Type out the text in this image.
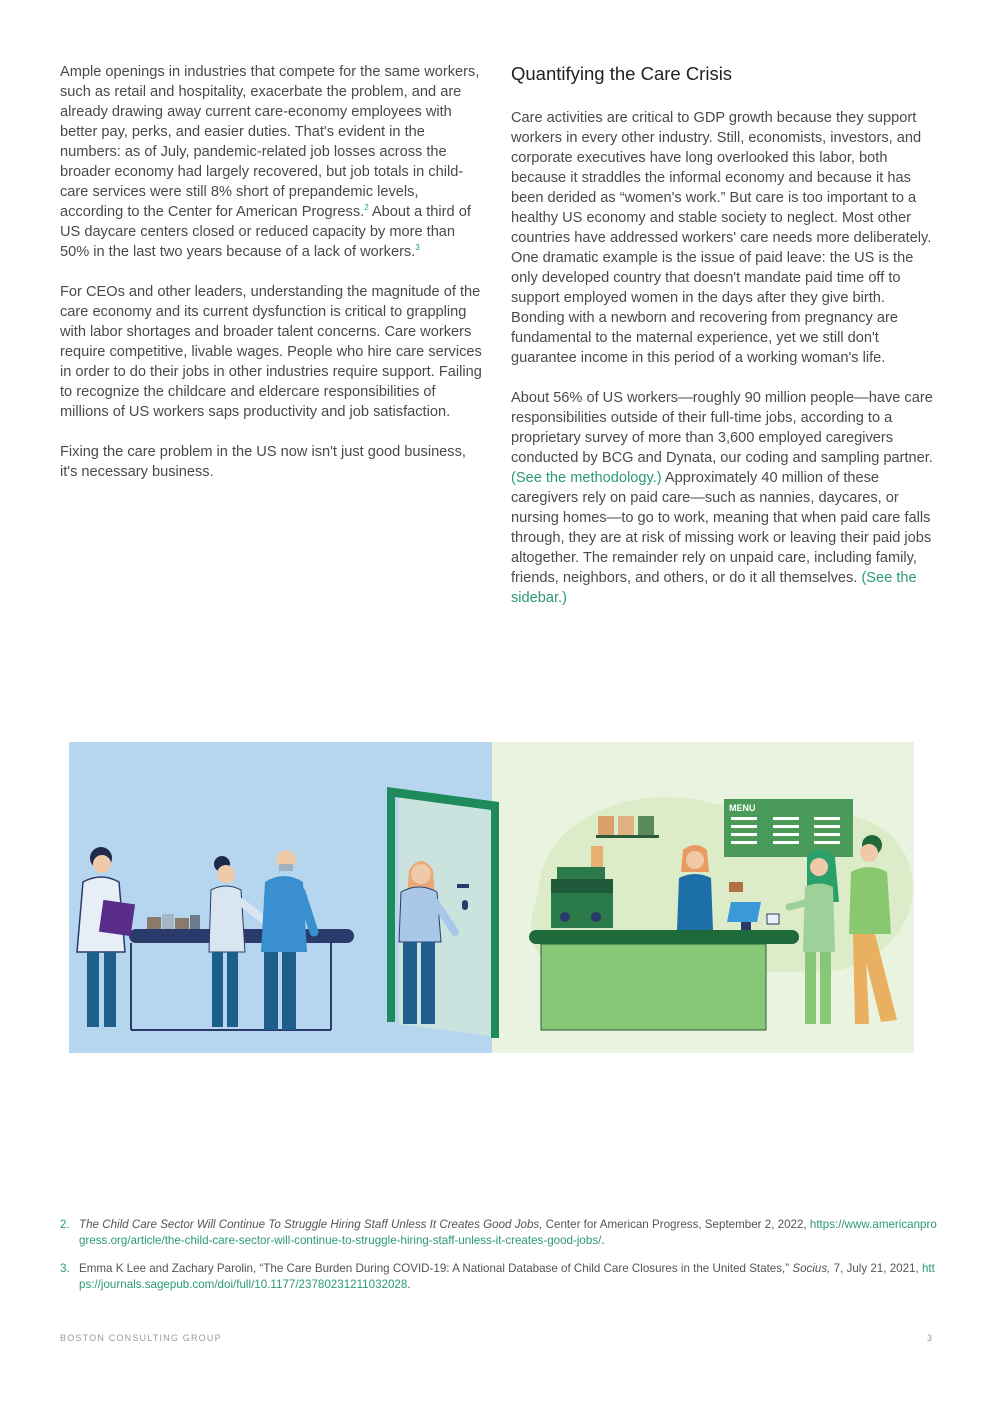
Ample openings in industries that compete for the same workers, such as retail and hospitality, exacerbate the problem, and are already drawing away current care-economy employees with better pay, perks, and easier duties. That's evident in the numbers: as of July, pandemic-related job losses across the broader economy had largely recovered, but job totals in child-care services were still 8% short of prepandemic levels, according to the Center for American Progress.$^2$ About a third of US daycare centers closed or reduced capacity by more than 50% in the last two years because of a lack of workers.$^3$

For CEOs and other leaders, understanding the magnitude of the care economy and its current dysfunction is critical to grappling with labor shortages and broader talent concerns. Care workers require competitive, livable wages. People who hire care services in order to do their jobs in other industries require support. Failing to recognize the childcare and eldercare responsibilities of millions of US workers saps productivity and job satisfaction.

Fixing the care problem in the US now isn't just good business, it's necessary business.

Quantifying the Care Crisis

Care activities are critical to GDP growth because they support workers in every other industry. Still, economists, investors, and corporate executives have long overlooked this labor, both because it straddles the informal economy and because it has been derided as “women's work.” But care is too important to a healthy US economy and stable society to neglect. Most other countries have addressed workers' care needs more deliberately. One dramatic example is the issue of paid leave: the US is the only developed country that doesn't mandate paid time off to support employed women in the days after they give birth. Bonding with a newborn and recovering from pregnancy are fundamental to the maternal experience, yet we still don't guarantee income in this period of a working woman's life.

About 56% of US workers—roughly 90 million people—have care responsibilities outside of their full-time jobs, according to a proprietary survey of more than 3,600 employed caregivers conducted by BCG and Dynata, our coding and sampling partner. (See the methodology.) Approximately 40 million of these caregivers rely on paid care—such as nannies, daycares, or nursing homes—to go to work, meaning that when paid care falls through, they are at risk of missing work or leaving their paid jobs altogether. The remainder rely on unpaid care, including family, friends, neighbors, and others, or do it all themselves. (See the sidebar.)

MENU
2. The Child Care Sector Will Continue To Struggle Hiring Staff Unless It Creates Good Jobs, Center for American Progress, September 2, 2022, https://www.americanprogress.org/article/the-child-care-sector-will-continue-to-struggle-hiring-staff-unless-it-creates-good-jobs/.
3. Emma K Lee and Zachary Parolin, “The Care Burden During COVID-19: A National Database of Child Care Closures in the United States,” Socius, 7, July 21, 2021, https://journals.sagepub.com/doi/full/10.1177/23780231211032028.
BOSTON CONSULTING GROUP	3
